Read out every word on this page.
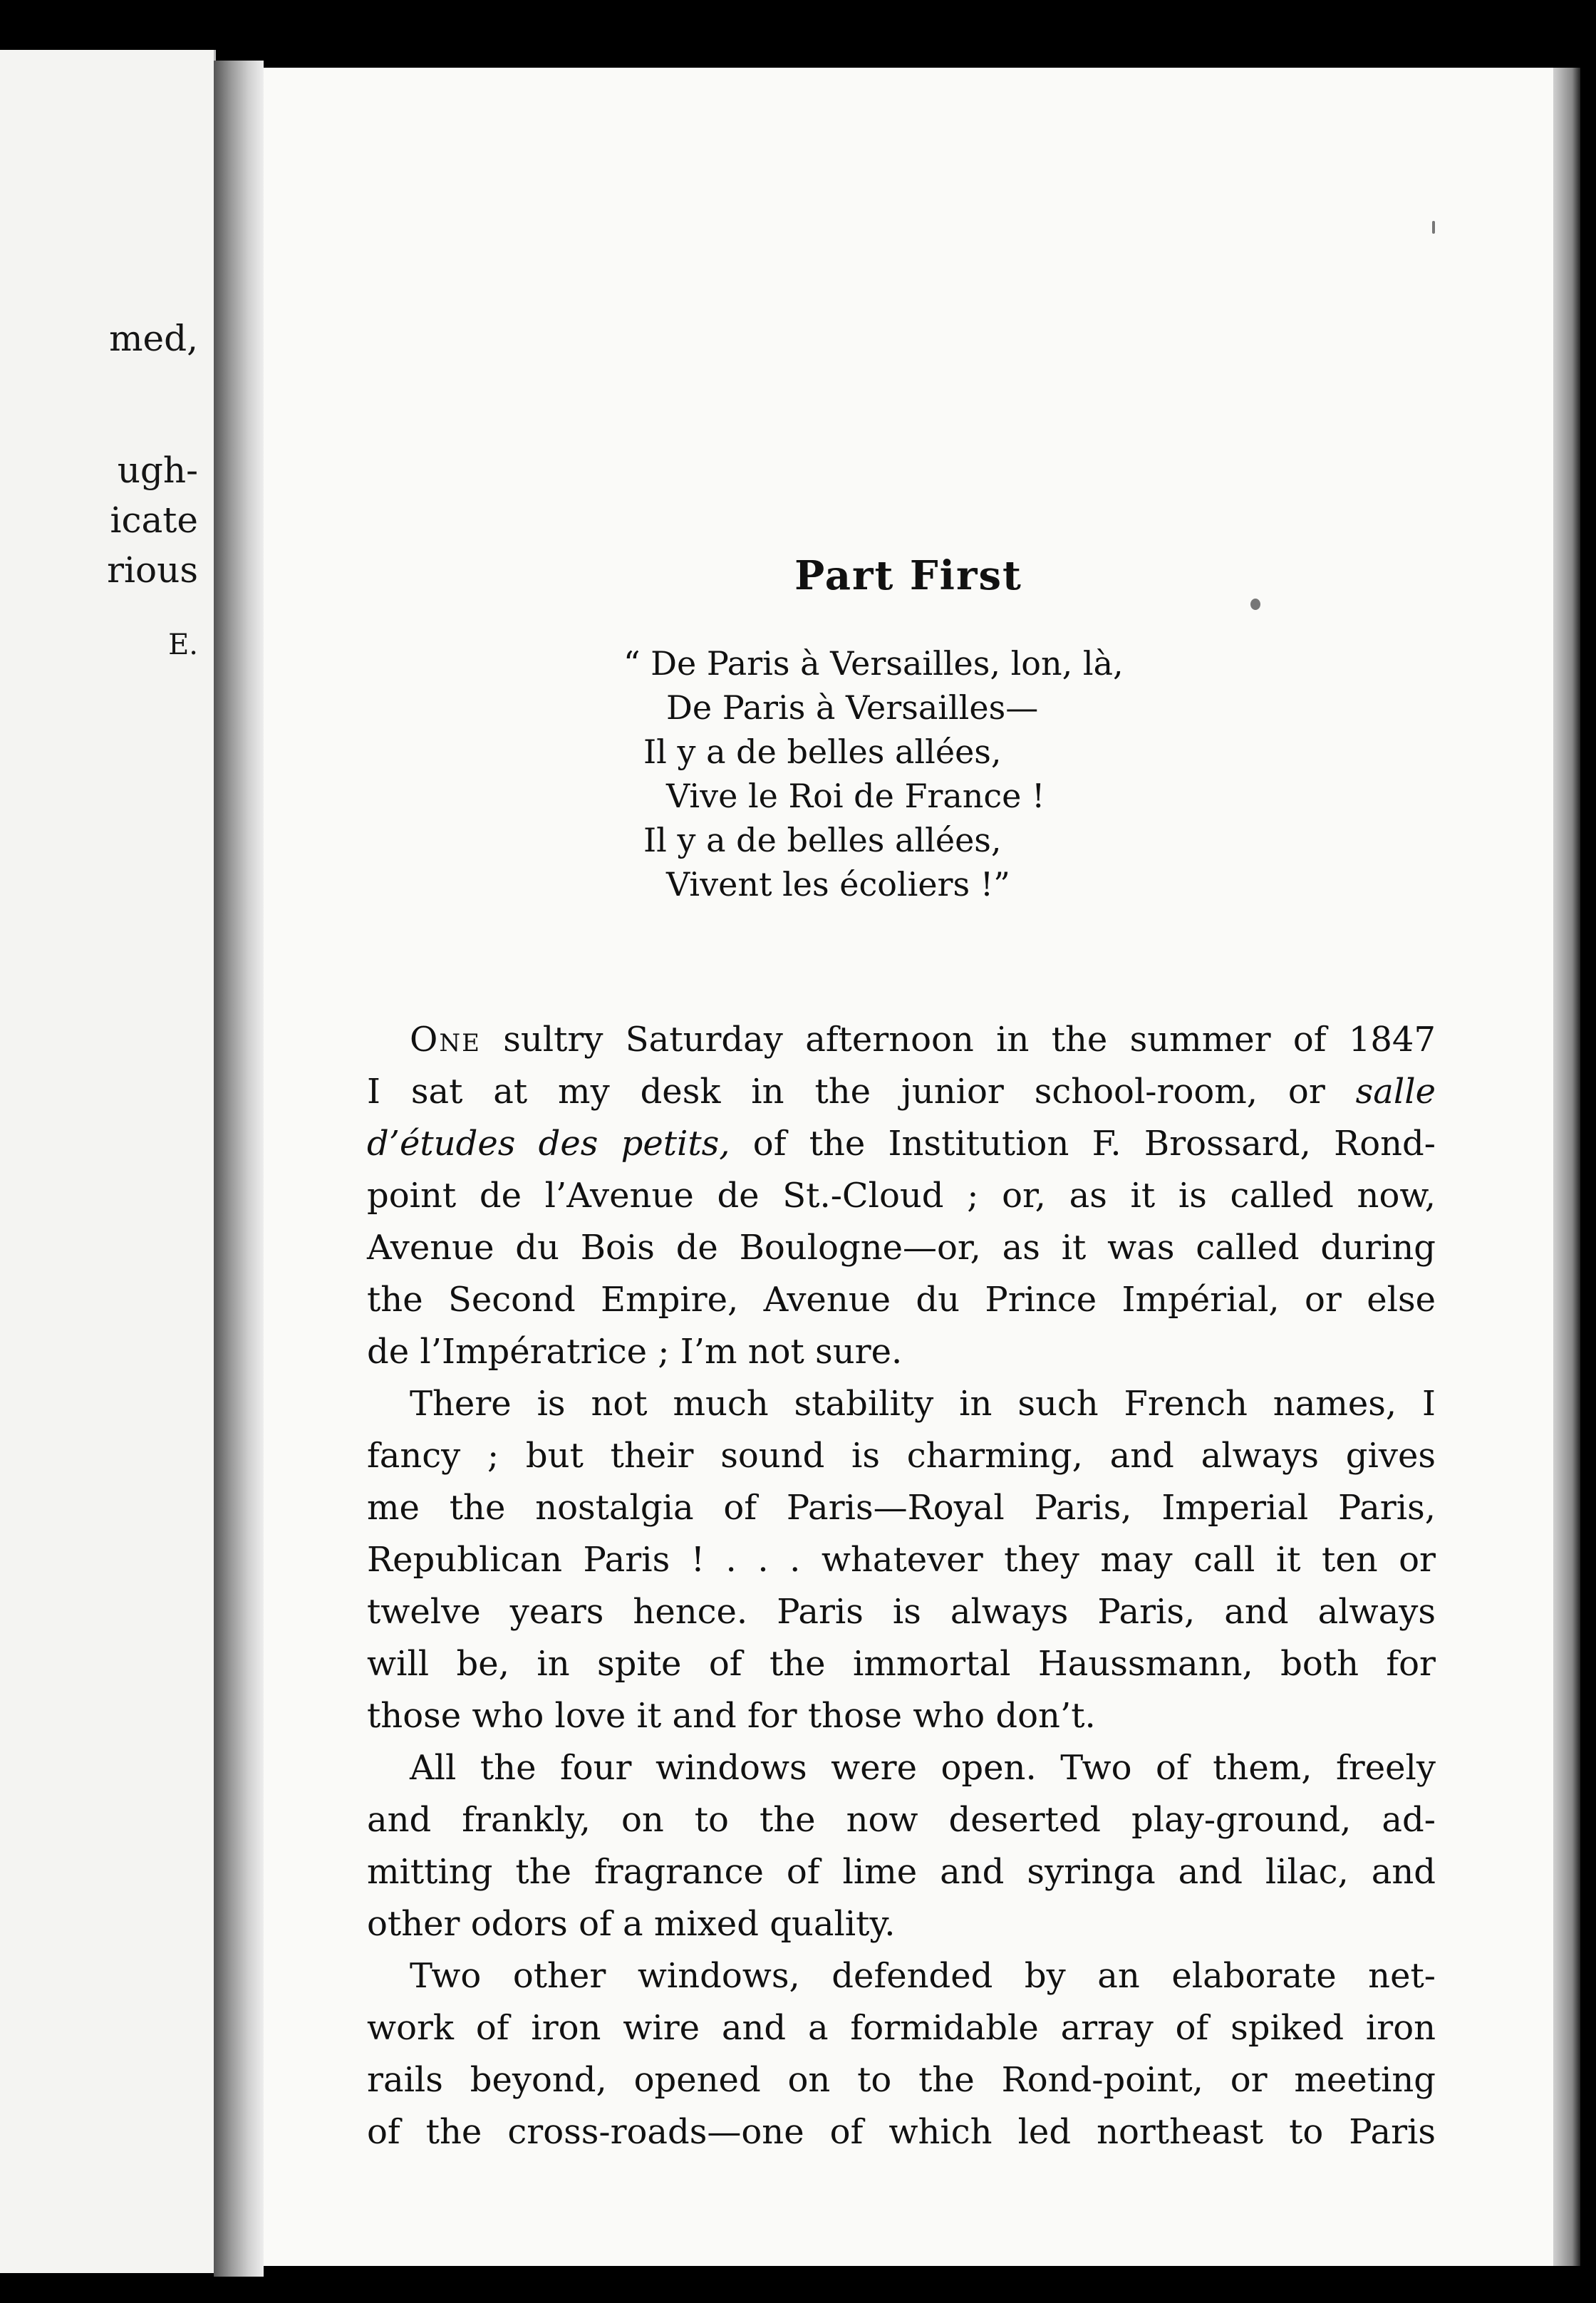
med,
ugh-
icate
rious
E.
Part First
“ De Paris à Versailles, lon, là,
De Paris à Versailles—
Il y a de belles allées,
Vive le Roi de France !
Il y a de belles allées,
Vivent les écoliers !”
One sultry Saturday afternoon in the summer of 1847
I sat at my desk in the junior school-room, or salle
d’études des petits, of the Institution F. Brossard, Rond-
point de l’Avenue de St.-Cloud ; or, as it is called now,
Avenue du Bois de Boulogne—or, as it was called during
the Second Empire, Avenue du Prince Impérial, or else
de l’Impératrice ; I’m not sure.
There is not much stability in such French names, I
fancy ; but their sound is charming, and always gives
me the nostalgia of Paris—Royal Paris, Imperial Paris,
Republican Paris ! . . . whatever they may call it ten or
twelve years hence. Paris is always Paris, and always
will be, in spite of the immortal Haussmann, both for
those who love it and for those who don’t.
All the four windows were open. Two of them, freely
and frankly, on to the now deserted play-ground, ad-
mitting the fragrance of lime and syringa and lilac, and
other odors of a mixed quality.
Two other windows, defended by an elaborate net-
work of iron wire and a formidable array of spiked iron
rails beyond, opened on to the Rond-point, or meeting
of the cross-roads—one of which led northeast to Paris
